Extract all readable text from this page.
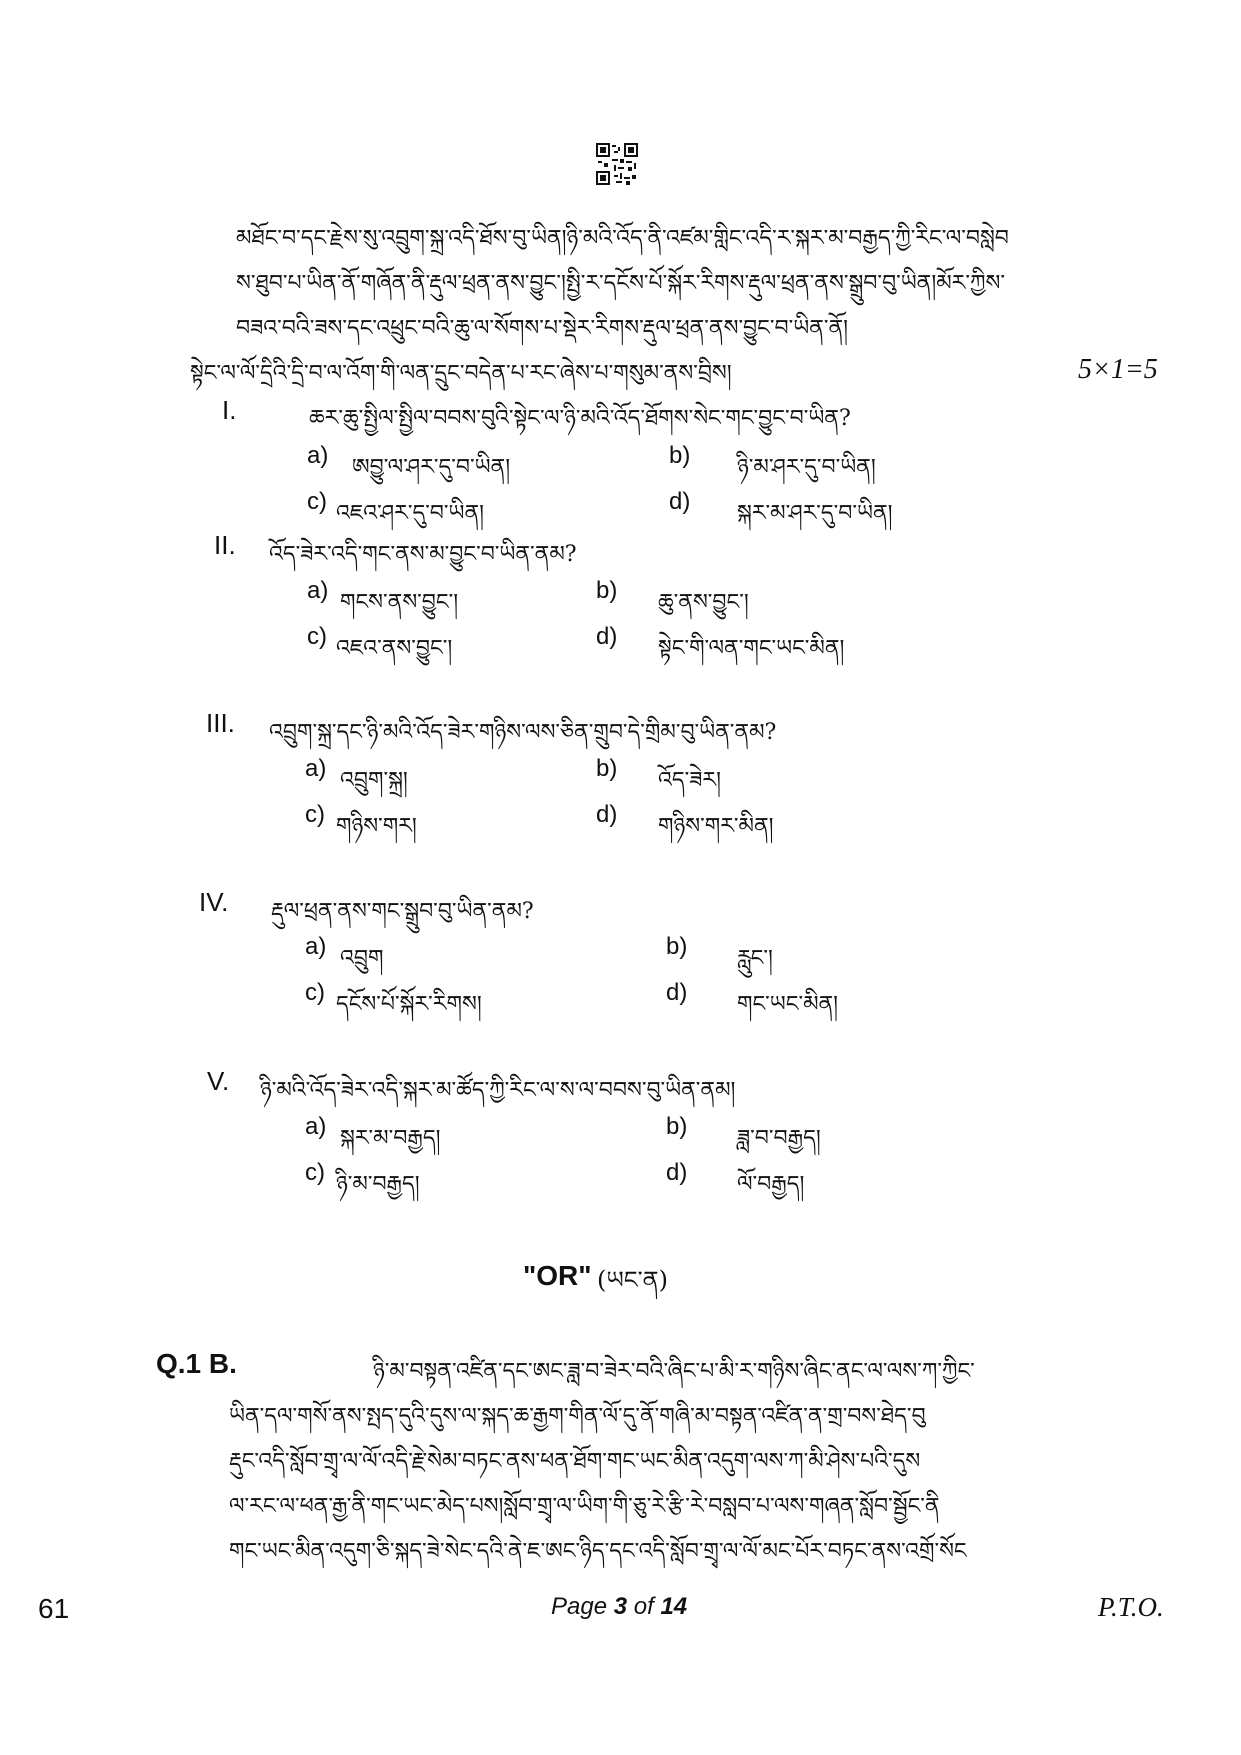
མཐོང་བ་དང་རྗེས་སུ་འབྲུག་སྐྲ་འདི་ཐོས་བུ་ཡིན།ཉི་མའི་འོད་ནི་འཛམ་གླིང་འདི་ར་སྐར་མ་བརྒྱད་ཀྱི་རིང་ལ་བསླེབ
ས་ཐུབ་པ་ཡིན་ནོ་གཞོན་ནི་རྡུལ་ཕྲན་ནས་བྱུང་།སྤྱི་ར་དངོས་པོ་སྐོར་རིགས་རྡུལ་ཕྲན་ནས་སྒྲུབ་བུ་ཡིན།མོར་ཀྱིས་
བཟའ་བའི་ཟས་དང་འཕྲུང་བའི་ཆུ་ལ་སོགས་པ་སྡེར་རིགས་རྡུལ་ཕྲན་ནས་བྱུང་བ་ཡིན་ནོ།
སྟེང་ལ་ལོ་དྲིའི་དྲི་བ་ལ་འོག་གི་ལན་དྲུང་བདེན་པ་རང་ཞེས་པ་གསུམ་ནས་བྲིས།	5×1=5
I.	ཆར་ཆུ་སྤྱིལ་སྤྱིལ་བབས་བུའི་སྟེང་ལ་ཉི་མའི་འོད་ཐོགས་སེང་གང་བྱུང་བ་ཡིན?
a) ཨབྱུ་ལ་ཤར་དུ་བ་ཡིན།	b) ཉི་མ་ཤར་དུ་བ་ཡིན།
c) འཇའ་ཤར་དུ་བ་ཡིན།	d) སྐར་མ་ཤར་དུ་བ་ཡིན།
II. འོད་ཟེར་འདི་གང་ནས་མ་བྱུང་བ་ཡིན་ནམ?
a) གངས་ནས་བྱུང་།	b) ཆུ་ནས་བྱུང་།
c) འཇའ་ནས་བྱུང་།	d) སྟེང་གི་ལན་གང་ཡང་མིན།
III. འབྲུག་སྐྲ་དང་ཉི་མའི་འོད་ཟེར་གཉིས་ལས་ཅིན་གྲུབ་དེ་གྲིམ་བུ་ཡིན་ནམ?
a) འབྲུག་སྐྲ།	b) འོད་ཟེར།
c) གཉིས་གར།	d) གཉིས་གར་མིན།
IV. རྡུལ་ཕྲན་ནས་གང་སྒྲུབ་བུ་ཡིན་ནམ?
a) འབྲུག	b) རླུང་།
c) དངོས་པོ་སྐོར་རིགས།	d) གང་ཡང་མིན།
V. ཉི་མའི་འོད་ཟེར་འདི་སྐར་མ་ཚོད་ཀྱི་རིང་ལ་ས་ལ་བབས་བུ་ཡིན་ནམ།
a) སྐར་མ་བརྒྱད།	b) ཟླ་བ་བརྒྱད།
c) ཉི་མ་བརྒྱད།	d) ལོ་བརྒྱད།
"OR" (ཡང་ན)
Q.1 B.	ཉི་མ་བསྟན་འཛིན་དང་ཨང་ཟླ་བ་ཟེར་བའི་ཞིང་པ་མི་ར་གཉིས་ཞིང་ནང་ལ་ལས་ཀ་ཀྱིང་
ཡིན་དལ་གསོ་ནས་སྤད་དུའི་དུས་ལ་སྐད་ཆ་རྒྱག་གིན་ལོ་དུ་ནོ་གཞི་མ་བསྟན་འཛིན་ན་གྲ་བས་ཐེད་བུ
རྡུང་འདི་སློབ་གྲྭ་ལ་ལོ་འདི་རྗེ་སེམ་བཏང་ནས་ཕན་ཐོག་གང་ཡང་མིན་འདུག་ལས་ཀ་མི་ཤེས་པའི་དུས
ལ་རང་ལ་ཕན་རྒྱ་ནི་གང་ཡང་མེད་པས།སློབ་གྲྭ་ལ་ཡིག་གི་ཅུ་རེ་རྩི་རེ་བསླབ་པ་ལས་གཞན་སློབ་སྦྱོང་ནི
གང་ཡང་མིན་འདུག་ཅི་སྐད་ཟེ་སེང་དའི་ནེ་ཇ་ཨང་ཉིད་དང་འདི་སློབ་གྲྭ་ལ་ལོ་མང་པོར་བཏང་ནས་འགྲོ་སོང
61	Page 3 of 14	P.T.O.
